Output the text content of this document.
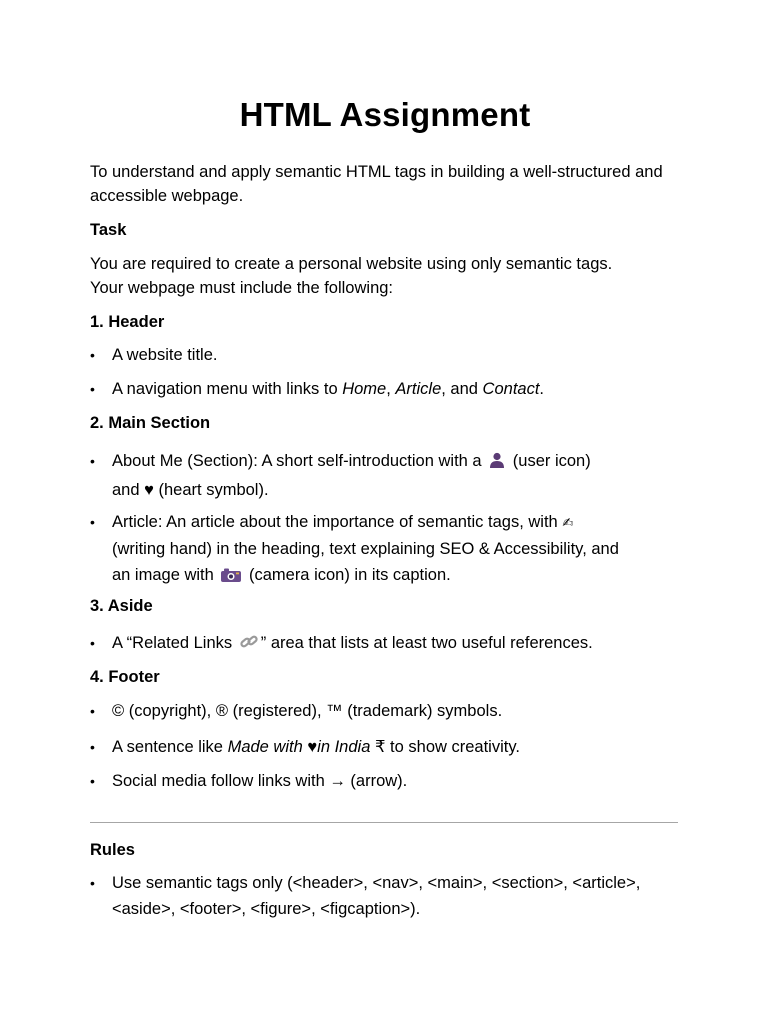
HTML Assignment

To understand and apply semantic HTML tags in building a well-structured and accessible webpage.

Task

You are required to create a personal website using only semantic tags.

Your webpage must include the following:

1. Header

• A website title.
• A navigation menu with links to Home, Article, and Contact.

2. Main Section

• About Me (Section): A short self-introduction with a  (user icon)
and ♥ (heart symbol).
• Article: An article about the importance of semantic tags, with ✍
(writing hand) in the heading, text explaining SEO & Accessibility, and
an image with  (camera icon) in its caption.

3. Aside

• A “Related Links ” area that lists at least two useful references.

4. Footer

• © (copyright), ® (registered), ™ (trademark) symbols.
• A sentence like Made with ♥in India ₹ to show creativity.
• Social media follow links with → (arrow).

Rules

• Use semantic tags only (<header>, <nav>, <main>, <section>, <article>,
<aside>, <footer>, <figure>, <figcaption>).
